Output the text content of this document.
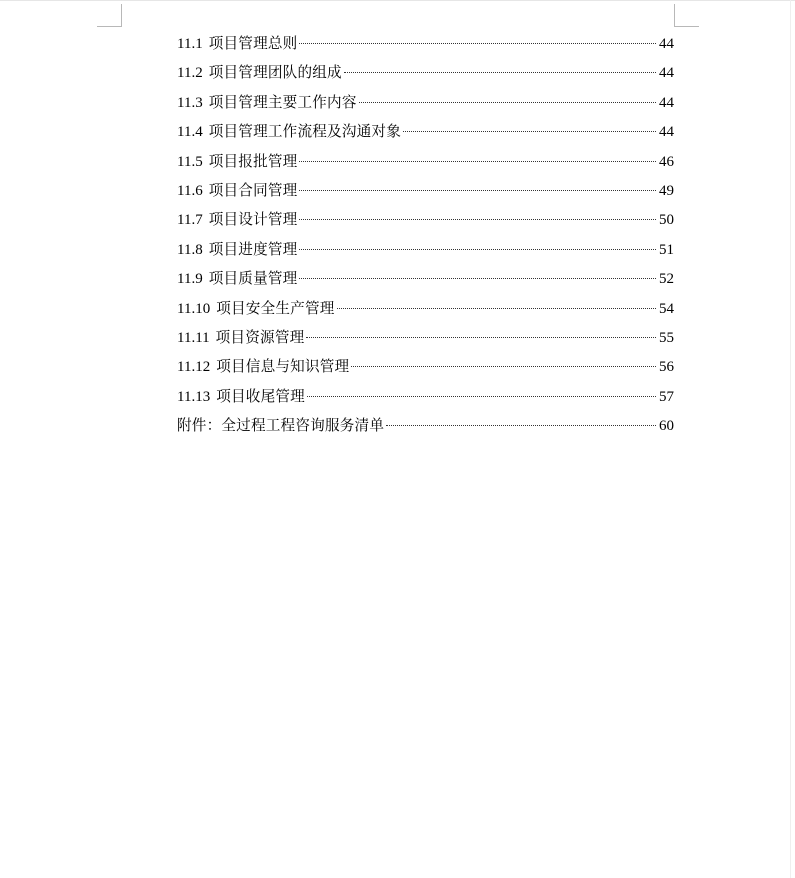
11.1 项目管理总则	44
11.2 项目管理团队的组成	44
11.3 项目管理主要工作内容	44
11.4 项目管理工作流程及沟通对象	44
11.5 项目报批管理	46
11.6 项目合同管理	49
11.7 项目设计管理	50
11.8 项目进度管理	51
11.9 项目质量管理	52
11.10 项目安全生产管理	54
11.11 项目资源管理	55
11.12 项目信息与知识管理	56
11.13 项目收尾管理	57
附件：全过程工程咨询服务清单	60
